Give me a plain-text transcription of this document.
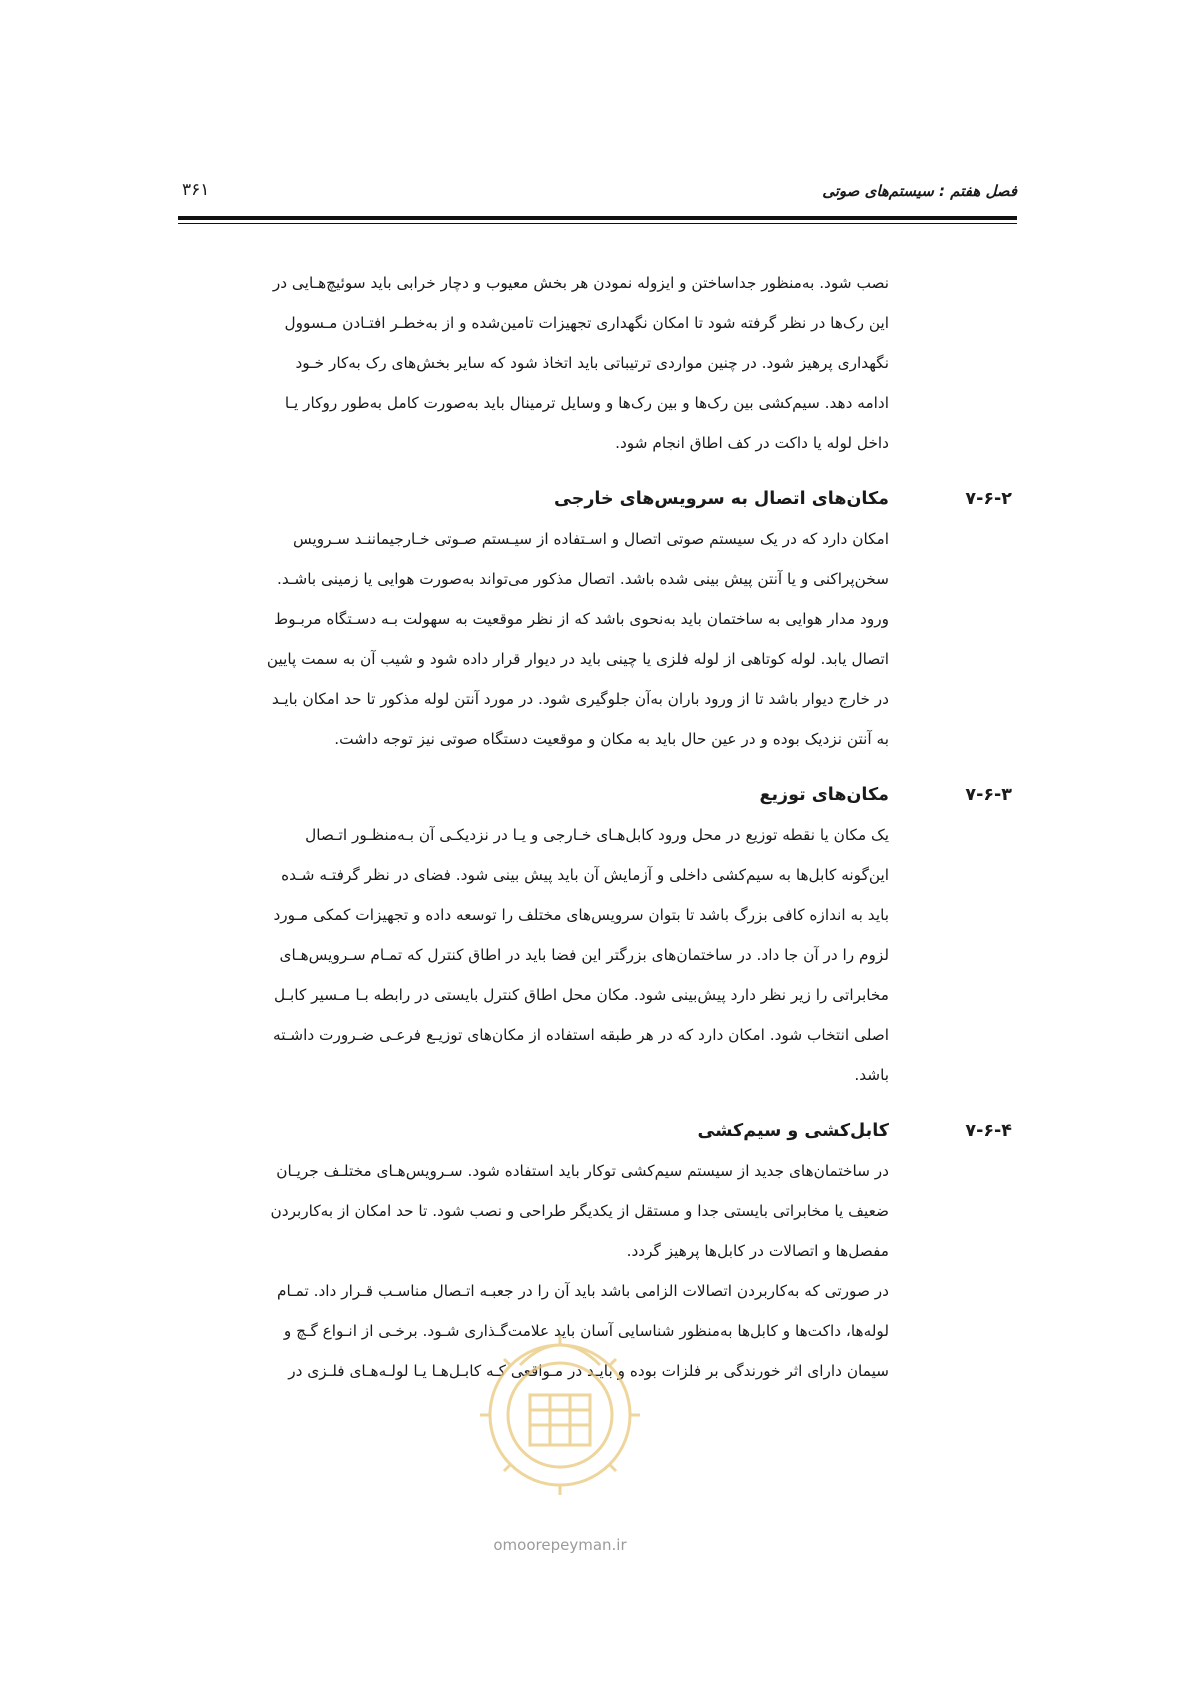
فصل هفتم : سیستم‌های صوتی
۳۶۱
نصب شود. به‌منظور جداساختن و ایزوله نمودن هر بخش معیوب و دچار خرابی باید سوئیچ‌هـایی در
این رک‌ها در نظر گرفته شود تا امکان نگهداری تجهیزات تامین‌شده و از به‌خطـر افتـادن مـسوول
نگهداری پرهیز شود. در چنین مواردی ترتیباتی باید اتخاذ شود که سایر بخش‌های رک به‌کار خـود
ادامه دهد. سیم‌کشی بین رک‌ها و بین رک‌ها و وسایل ترمینال باید به‌صورت کامل به‌طور روکار یـا
داخل لوله یا داکت در کف اطاق انجام شود.
مکان‌های اتصال به سرویس‌های خارجی	۷-۶-۲
امکان دارد که در یک سیستم صوتی اتصال و اسـتفاده از سیـستم صـوتی خـارجیماننـد سـرویس
سخن‌پراکنی و یا آنتن پیش بینی شده باشد. اتصال مذکور می‌تواند به‌صورت هوایی یا زمینی باشـد.
ورود مدار هوایی به ساختمان باید به‌نحوی باشد که از نظر موقعیت به سهولت بـه دسـتگاه مربـوط
اتصال یابد. لوله کوتاهی از لوله فلزی یا چینی باید در دیوار قرار داده شود و شیب آن به سمت پایین
در خارج دیوار باشد تا از ورود باران به‌آن جلوگیری شود. در مورد آنتن لوله مذکور تا حد امکان بایـد
به آنتن نزدیک بوده و در عین حال باید به مکان و موقعیت دستگاه صوتی نیز توجه داشت.
مکان‌های توزیع	۷-۶-۳
یک مکان یا نقطه توزیع در محل ورود کابل‌هـای خـارجی و یـا در نزدیکـی آن بـه‌منظـور اتـصال
این‌گونه کابل‌ها به سیم‌کشی داخلی و آزمایش آن باید پیش بینی شود. فضای در نظر گرفتـه شـده
باید به اندازه کافی بزرگ باشد تا بتوان سرویس‌های مختلف را توسعه داده و تجهیزات کمکی مـورد
لزوم را در آن جا داد. در ساختمان‌های بزرگتر این فضا باید در اطاق کنترل که تمـام سـرویس‌هـای
مخابراتی را زیر نظر دارد پیش‌بینی شود. مکان محل اطاق کنترل بایستی در رابطه بـا مـسیر کابـل
اصلی انتخاب شود. امکان دارد که در هر طبقه استفاده از مکان‌های توزیـع فرعـی ضـرورت داشـته
باشد.
کابل‌کشی و سیم‌کشی	۷-۶-۴
در ساختمان‌های جدید از سیستم سیم‌کشی توکار باید استفاده شود. سـرویس‌هـای مختلـف جریـان
ضعیف یا مخابراتی بایستی جدا و مستقل از یکدیگر طراحی و نصب شود. تا حد امکان از به‌کاربردن
مفصل‌ها و اتصالات در کابل‌ها پرهیز گردد.
در صورتی که به‌کاربردن اتصالات الزامی باشد باید آن را در جعبـه اتـصال مناسـب قـرار داد. تمـام
لوله‌ها، داکت‌ها و کابل‌ها به‌منظور شناسایی آسان باید علامت‌گـذاری شـود. برخـی از انـواع گـچ و
سیمان دارای اثر خورندگی بر فلزات بوده و بایـد در مـواقعی کـه کابـل‌هـا یـا لولـه‌هـای فلـزی در
omoorepeyman.ir
